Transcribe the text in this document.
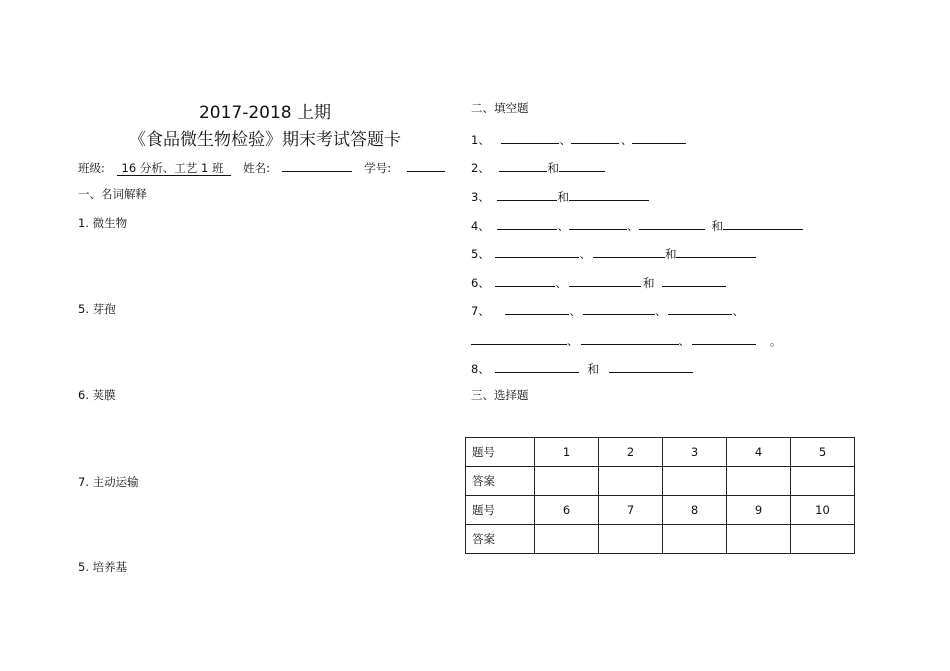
2017-2018 上期
《食品微生物检验》期末考试答题卡
班级: 16 分析、工艺 1 班 姓名:	学号:
一、名词解释
1. 微生物
5. 芽孢
6. 荚膜
7. 主动运输
5. 培养基
二、填空题
1、	、	、
2、	和
3、	和
4、	、	、	和
5、	、	和
6、	、	和
7、	、	、	、
、	、	。
8、	和
三、选择题
题号	1	2	3	4	5
答案					
题号	6	7	8	9	10
答案					
